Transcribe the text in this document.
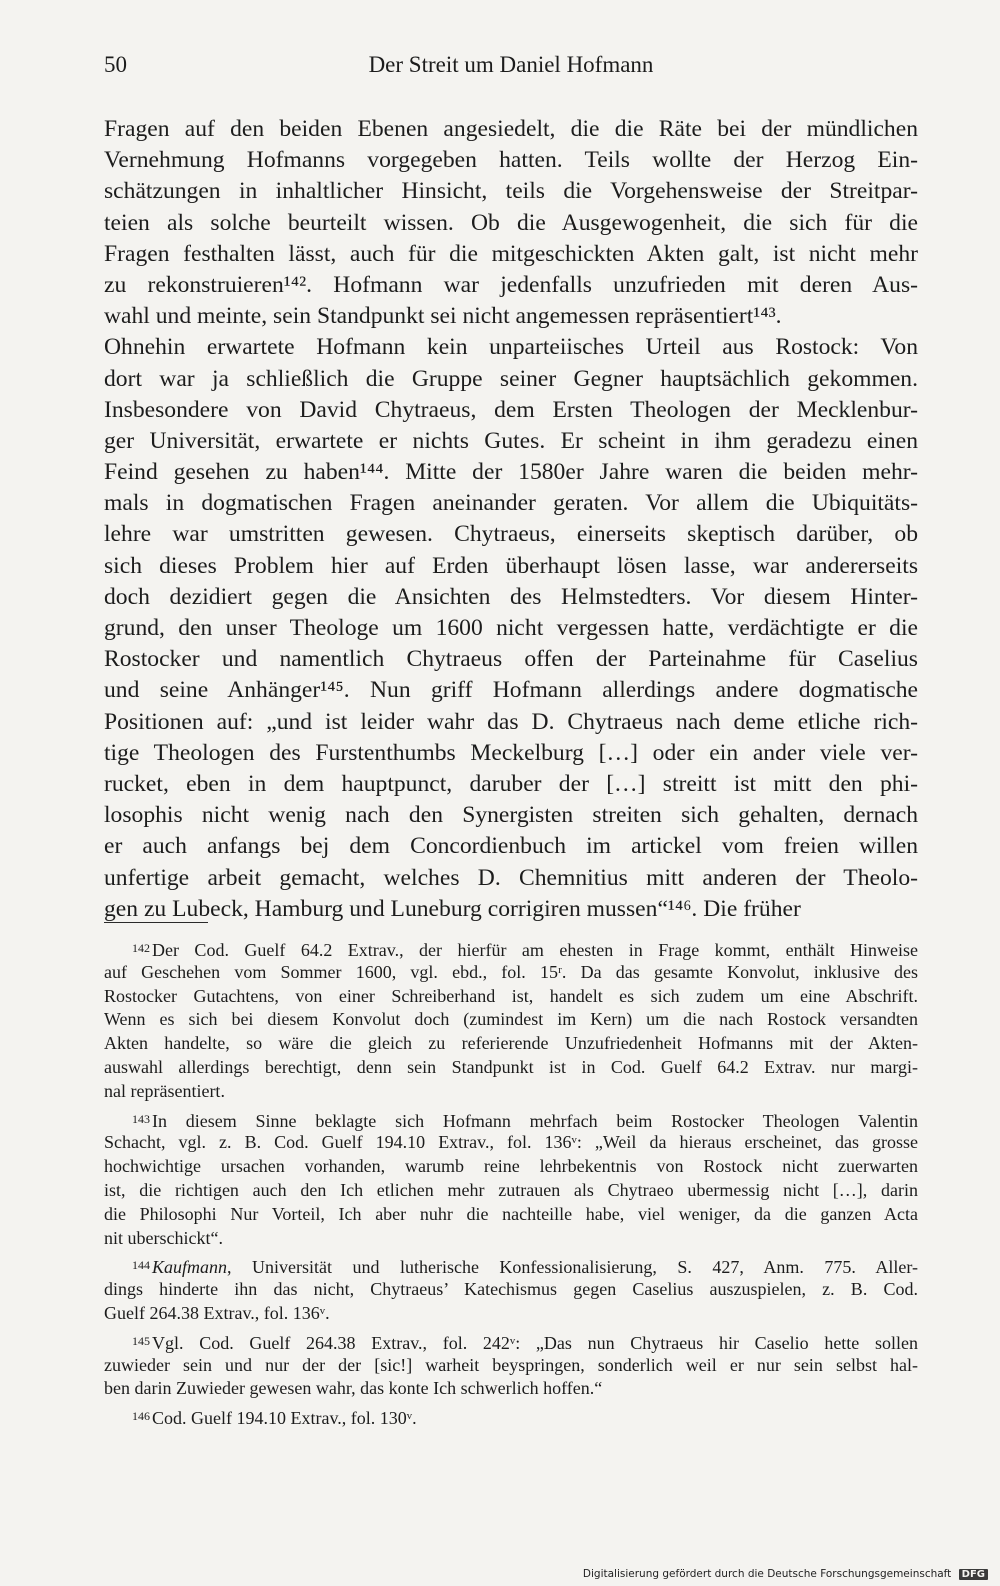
50	Der Streit um Daniel Hofmann
Fragen auf den beiden Ebenen angesiedelt, die die Räte bei der mündlichen
Vernehmung Hofmanns vorgegeben hatten. Teils wollte der Herzog Ein-
schätzungen in inhaltlicher Hinsicht, teils die Vorgehensweise der Streitpar-
teien als solche beurteilt wissen. Ob die Ausgewogenheit, die sich für die
Fragen festhalten lässt, auch für die mitgeschickten Akten galt, ist nicht mehr
zu rekonstruieren¹⁴². Hofmann war jedenfalls unzufrieden mit deren Aus-
wahl und meinte, sein Standpunkt sei nicht angemessen repräsentiert¹⁴³.
Ohnehin erwartete Hofmann kein unparteiisches Urteil aus Rostock: Von
dort war ja schließlich die Gruppe seiner Gegner hauptsächlich gekommen.
Insbesondere von David Chytraeus, dem Ersten Theologen der Mecklenbur-
ger Universität, erwartete er nichts Gutes. Er scheint in ihm geradezu einen
Feind gesehen zu haben¹⁴⁴. Mitte der 1580er Jahre waren die beiden mehr-
mals in dogmatischen Fragen aneinander geraten. Vor allem die Ubiquitäts-
lehre war umstritten gewesen. Chytraeus, einerseits skeptisch darüber, ob
sich dieses Problem hier auf Erden überhaupt lösen lasse, war andererseits
doch dezidiert gegen die Ansichten des Helmstedters. Vor diesem Hinter-
grund, den unser Theologe um 1600 nicht vergessen hatte, verdächtigte er die
Rostocker und namentlich Chytraeus offen der Parteinahme für Caselius
und seine Anhänger¹⁴⁵. Nun griff Hofmann allerdings andere dogmatische
Positionen auf: „und ist leider wahr das D. Chytraeus nach deme etliche rich-
tige Theologen des Furstenthumbs Meckelburg […] oder ein ander viele ver-
rucket, eben in dem hauptpunct, daruber der […] streitt ist mitt den phi-
losophis nicht wenig nach den Synergisten streiten sich gehalten, dernach
er auch anfangs bej dem Concordienbuch im artickel vom freien willen
unfertige arbeit gemacht, welches D. Chemnitius mitt anderen der Theolo-
gen zu Lubeck, Hamburg und Luneburg corrigiren mussen“¹⁴⁶. Die früher
$^{142}$ Der Cod. Guelf 64.2 Extrav., der hierfür am ehesten in Frage kommt, enthält Hinweise
auf Geschehen vom Sommer 1600, vgl. ebd., fol. 15ʳ. Da das gesamte Konvolut, inklusive des
Rostocker Gutachtens, von einer Schreiberhand ist, handelt es sich zudem um eine Abschrift.
Wenn es sich bei diesem Konvolut doch (zumindest im Kern) um die nach Rostock versandten
Akten handelte, so wäre die gleich zu referierende Unzufriedenheit Hofmanns mit der Akten-
auswahl allerdings berechtigt, denn sein Standpunkt ist in Cod. Guelf 64.2 Extrav. nur margi-
nal repräsentiert.
$^{143}$ In diesem Sinne beklagte sich Hofmann mehrfach beim Rostocker Theologen Valentin
Schacht, vgl. z. B. Cod. Guelf 194.10 Extrav., fol. 136ᵛ: „Weil da hieraus erscheinet, das grosse
hochwichtige ursachen vorhanden, warumb reine lehrbekentnis von Rostock nicht zuerwarten
ist, die richtigen auch den Ich etlichen mehr zutrauen als Chytraeo ubermessig nicht […], darin
die Philosophi Nur Vorteil, Ich aber nuhr die nachteille habe, viel weniger, da die ganzen Acta
nit uberschickt“.
$^{144}$ Kaufmann, Universität und lutherische Konfessionalisierung, S. 427, Anm. 775. Aller-
dings hinderte ihn das nicht, Chytraeus’ Katechismus gegen Caselius auszuspielen, z. B. Cod.
Guelf 264.38 Extrav., fol. 136ᵛ.
$^{145}$ Vgl. Cod. Guelf 264.38 Extrav., fol. 242ᵛ: „Das nun Chytraeus hir Caselio hette sollen
zuwieder sein und nur der der [sic!] warheit beyspringen, sonderlich weil er nur sein selbst hal-
ben darin Zuwieder gewesen wahr, das konte Ich schwerlich hoffen.“
$^{146}$ Cod. Guelf 194.10 Extrav., fol. 130ᵛ.
Digitalisierung gefördert durch die Deutsche Forschungsgemeinschaft DFG
